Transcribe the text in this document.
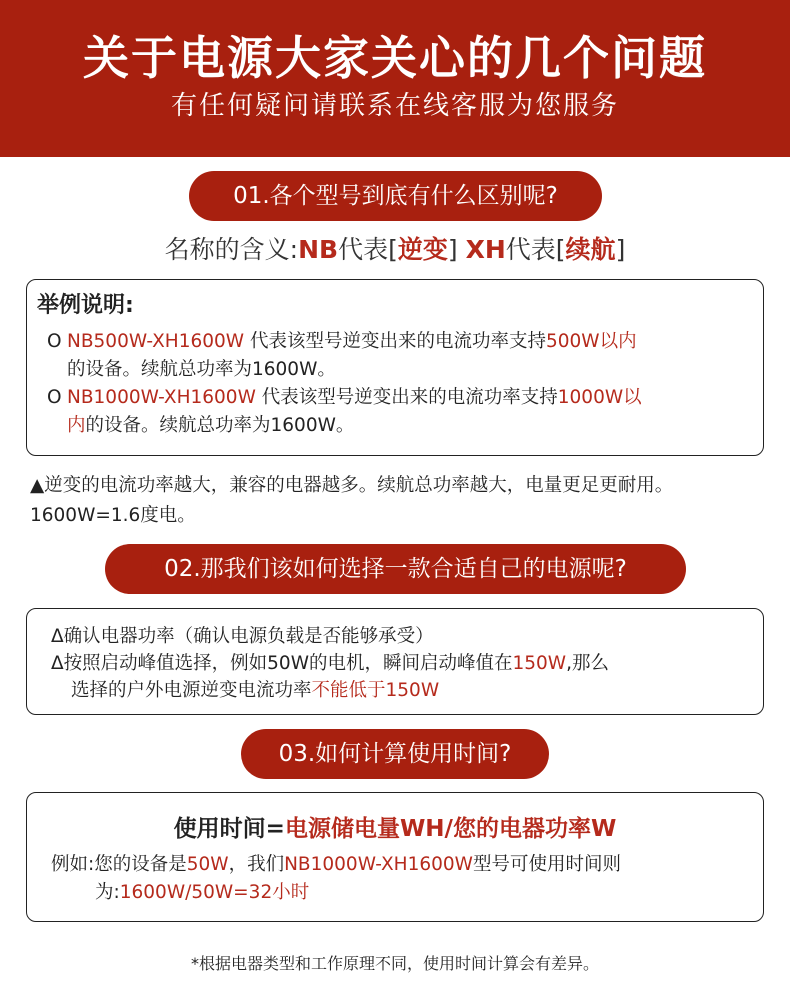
关于电源大家关心的几个问题
有任何疑问请联系在线客服为您服务
01.各个型号到底有什么区别呢?
名称的含义:NB代表[逆变] XH代表[续航]
举例说明:
O NB500W-XH1600W 代表该型号逆变出来的电流功率支持500W以内
的设备。续航总功率为1600W。
O NB1000W-XH1600W 代表该型号逆变出来的电流功率支持1000W以
内的设备。续航总功率为1600W。
▲逆变的电流功率越大，兼容的电器越多。续航总功率越大，电量更足更耐用。1600W=1.6度电。
02.那我们该如何选择一款合适自己的电源呢?
Δ确认电器功率（确认电源负载是否能够承受）
Δ按照启动峰值选择，例如50W的电机，瞬间启动峰值在150W,那么
选择的户外电源逆变电流功率不能低于150W
03.如何计算使用时间?
使用时间=电源储电量WH/您的电器功率W
例如:您的设备是50W，我们NB1000W-XH1600W型号可使用时间则
为:1600W/50W=32小时
*根据电器类型和工作原理不同，使用时间计算会有差异。
